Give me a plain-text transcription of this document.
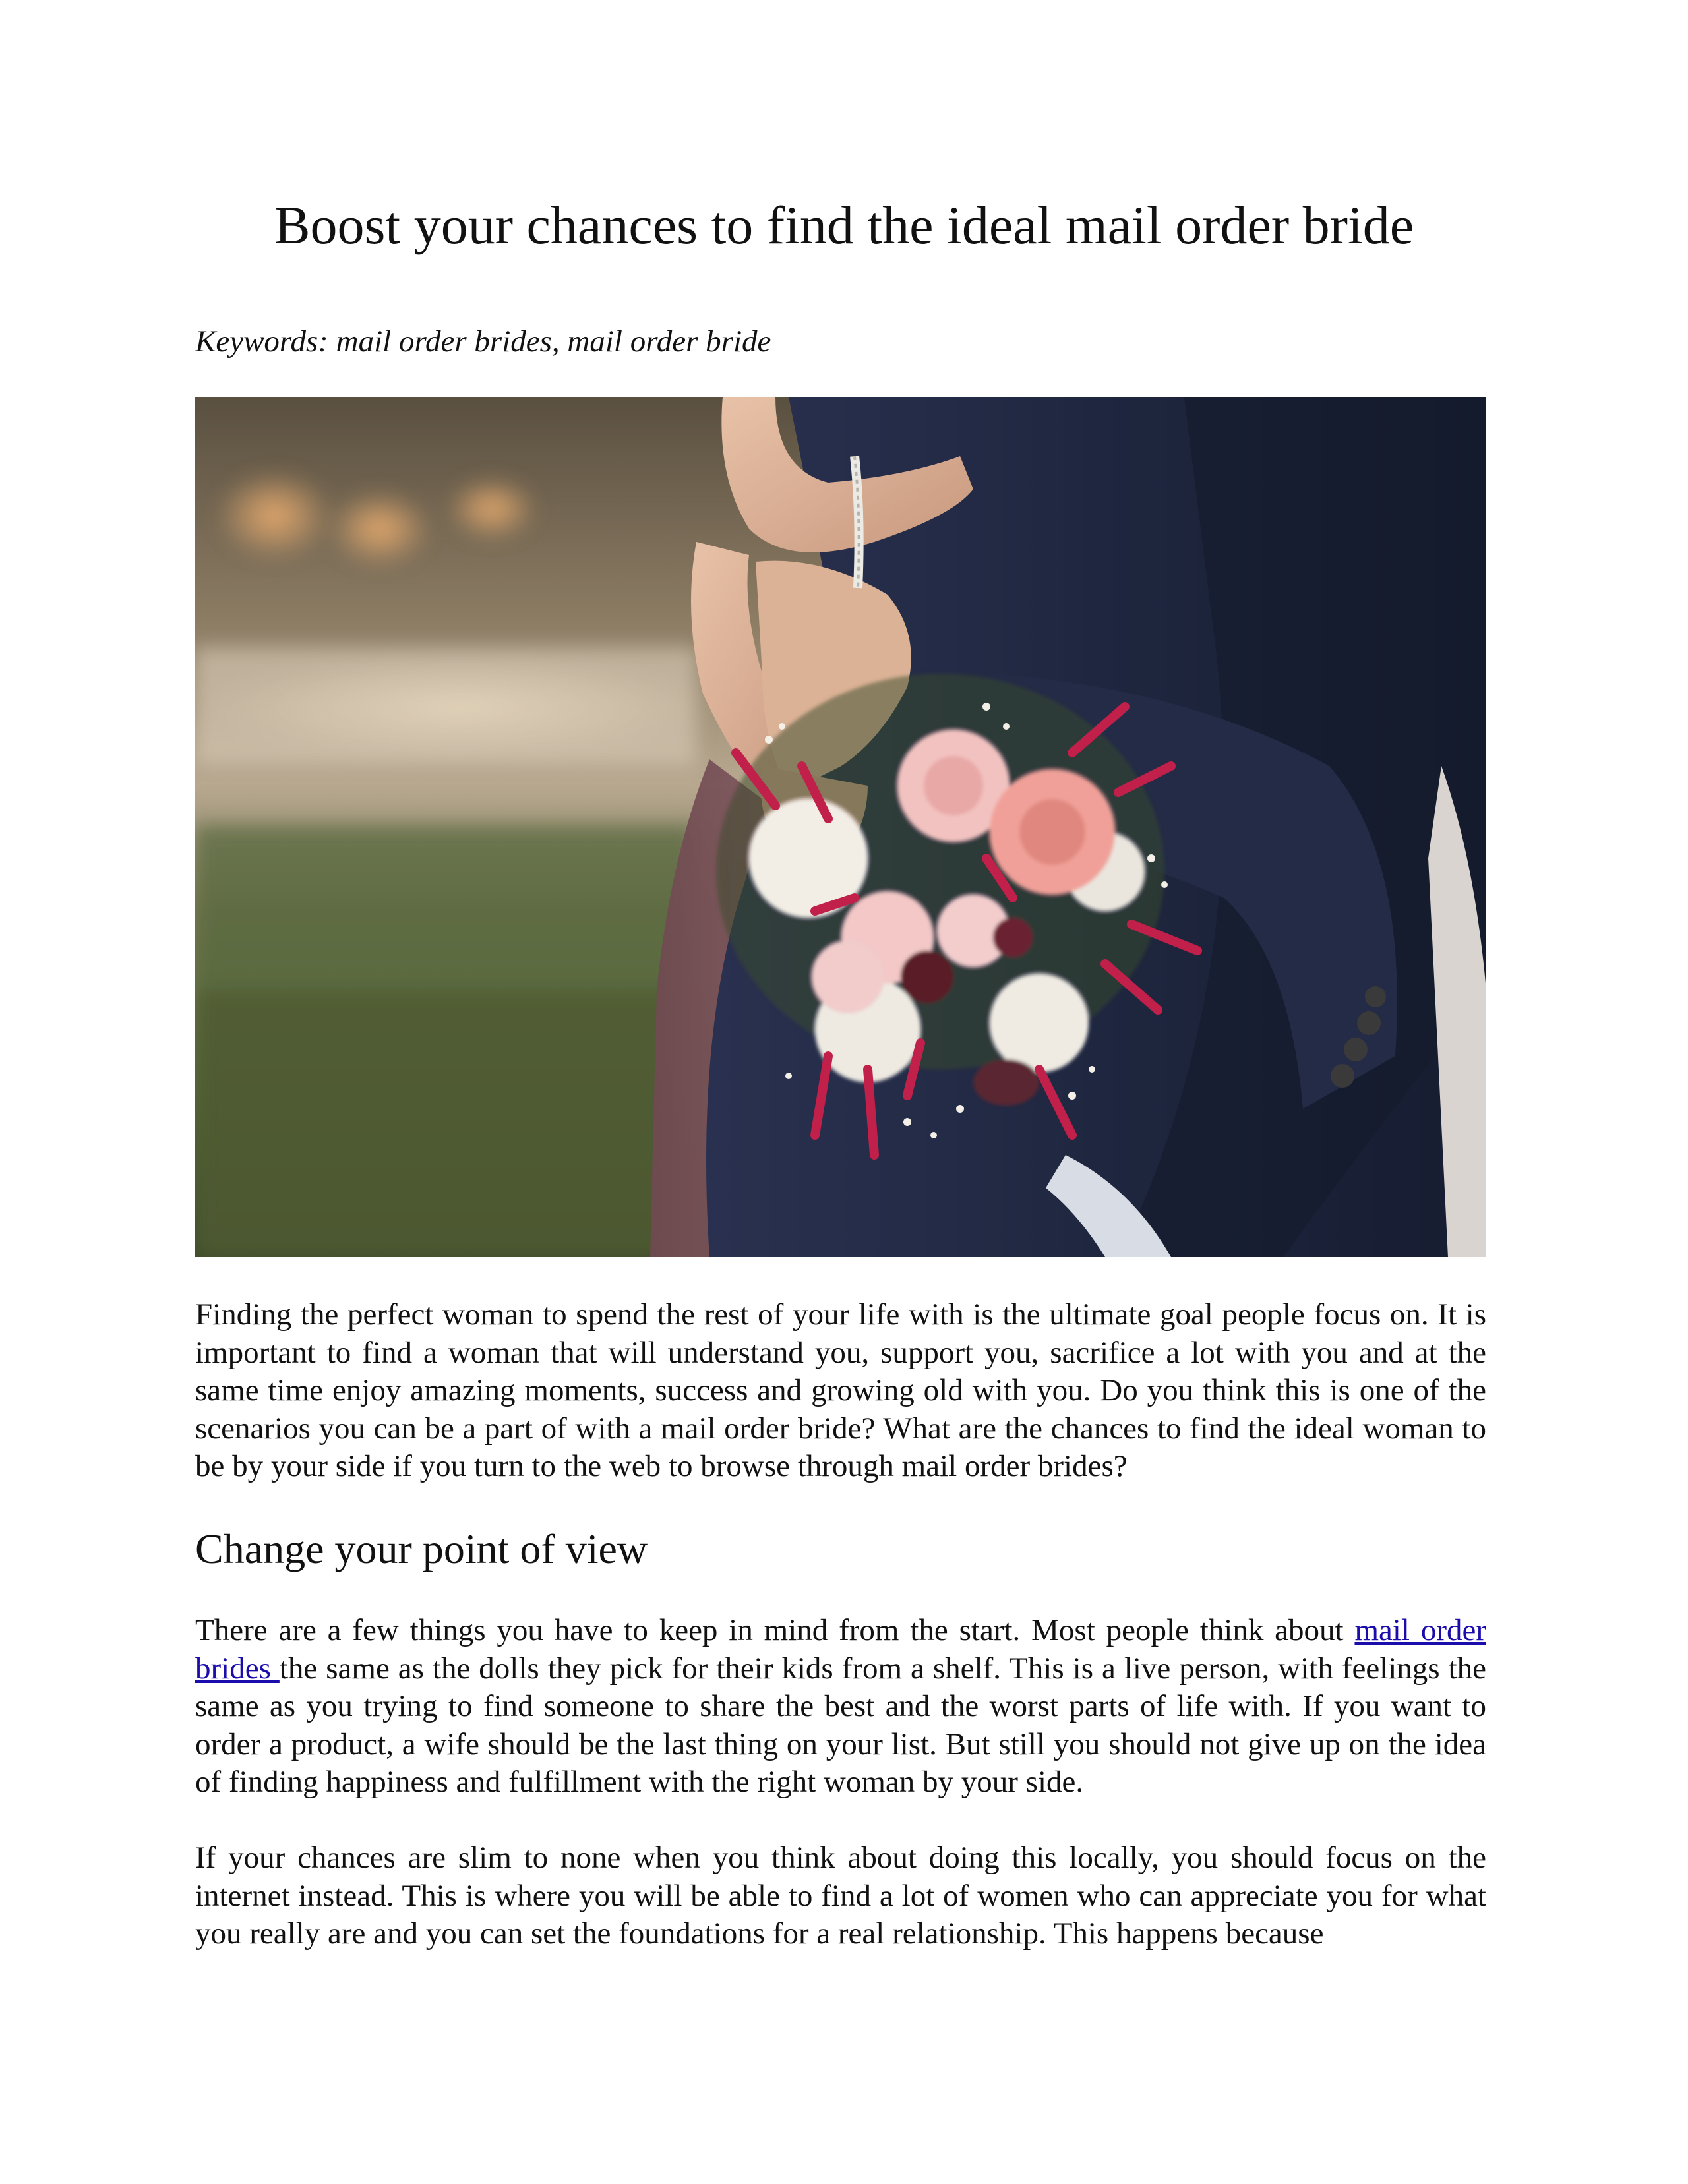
Boost your chances to find the ideal mail order bride

Keywords: mail order brides, mail order bride

Finding the perfect woman to spend the rest of your life with is the ultimate goal people focus on. It is important to find a woman that will understand you, support you, sacrifice a lot with you and at the same time enjoy amazing moments, success and growing old with you. Do you think this is one of the scenarios you can be a part of with a mail order bride? What are the chances to find the ideal woman to be by your side if you turn to the web to browse through mail order brides?

Change your point of view

There are a few things you have to keep in mind from the start. Most people think about mail order brides the same as the dolls they pick for their kids from a shelf. This is a live person, with feelings the same as you trying to find someone to share the best and the worst parts of life with. If you want to order a product, a wife should be the last thing on your list. But still you should not give up on the idea of finding happiness and fulfillment with the right woman by your side.

If your chances are slim to none when you think about doing this locally, you should focus on the internet instead. This is where you will be able to find a lot of women who can appreciate you for what you really are and you can set the foundations for a real relationship. This happens because
